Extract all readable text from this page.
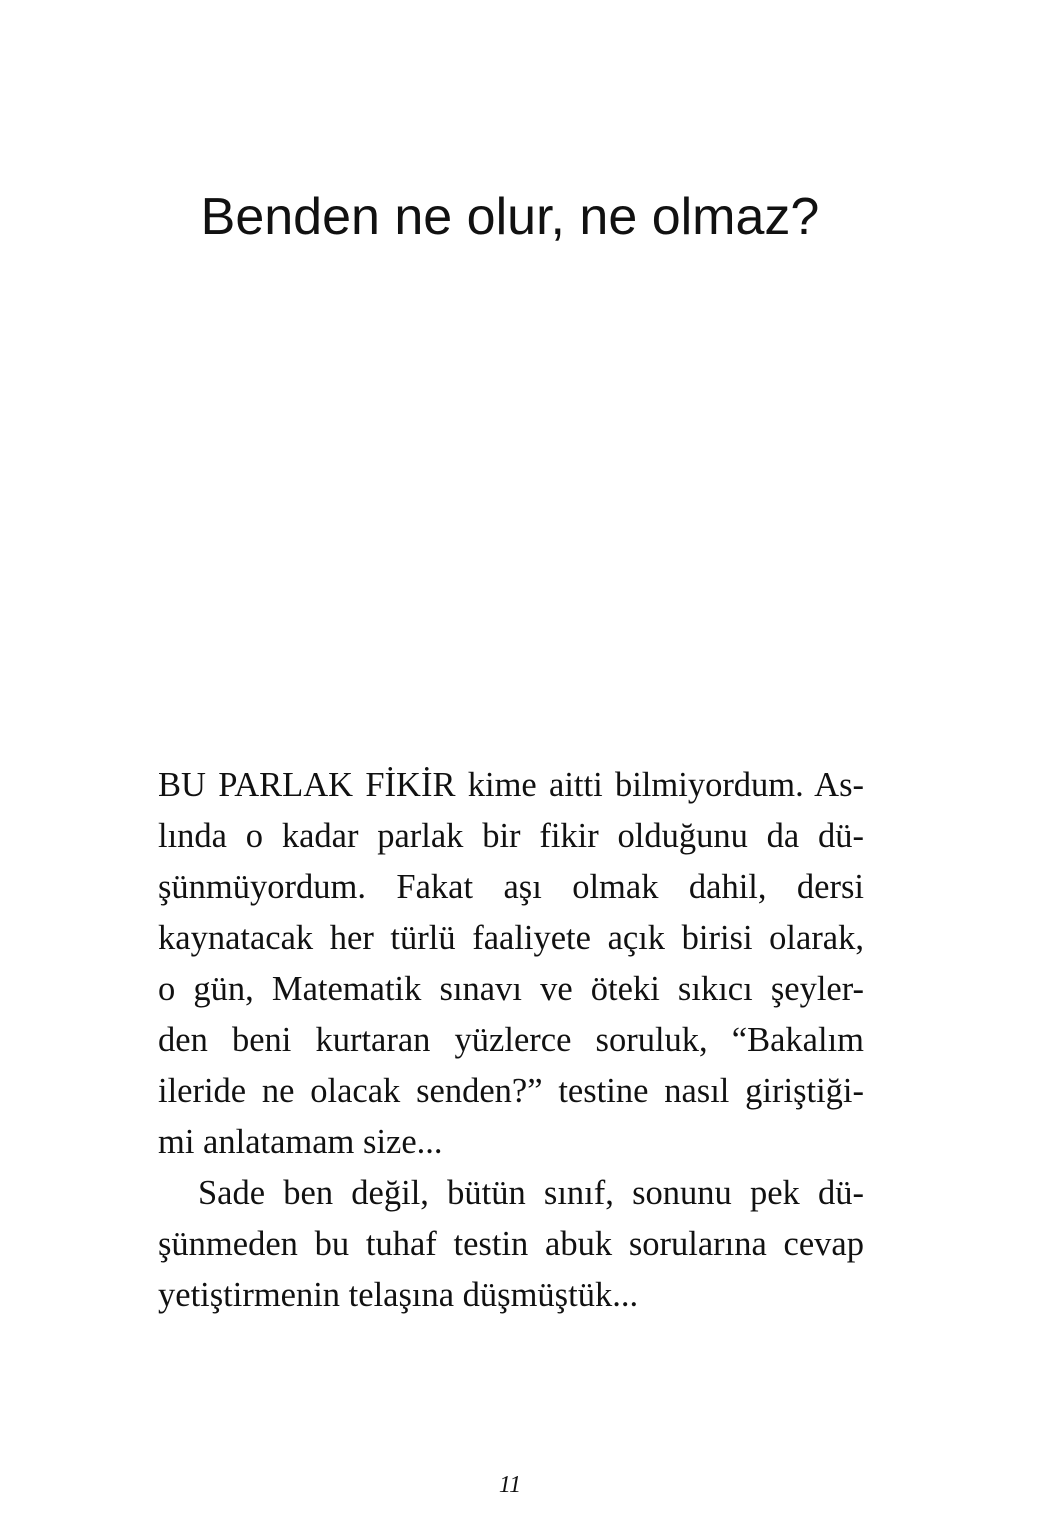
Benden ne olur, ne olmaz?
BU PARLAK FİKİR kime aitti bilmiyordum. As-
lında o kadar parlak bir fikir olduğunu da dü-
şünmüyordum. Fakat aşı olmak dahil, dersi
kaynatacak her türlü faaliyete açık birisi olarak,
o gün, Matematik sınavı ve öteki sıkıcı şeyler-
den beni kurtaran yüzlerce soruluk, “Bakalım
ileride ne olacak senden?” testine nasıl giriştiği-
mi anlatamam size...
Sade ben değil, bütün sınıf, sonunu pek dü-
şünmeden bu tuhaf testin abuk sorularına cevap
yetiştirmenin telaşına düşmüştük...
11
